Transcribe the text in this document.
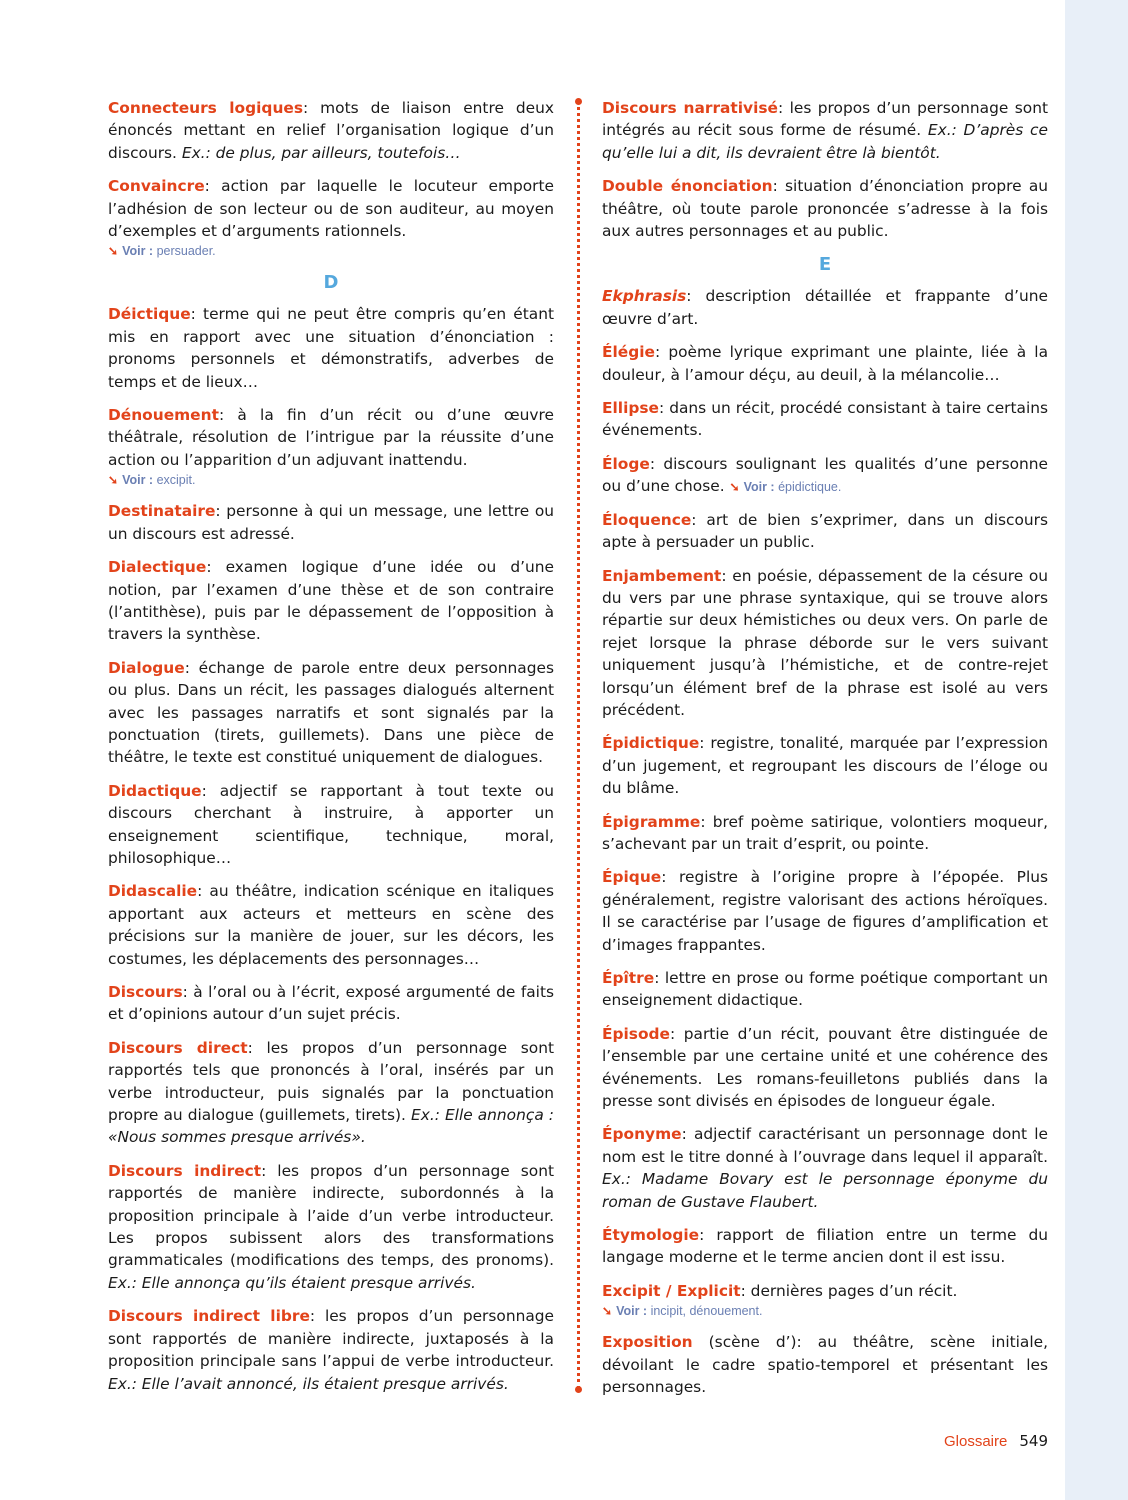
Connecteurs logiques: mots de liaison entre deux énoncés mettant en relief l’organisation logique d’un discours. Ex.: de plus, par ailleurs, toutefois…

Convaincre: action par laquelle le locuteur emporte l’adhésion de son lecteur ou de son auditeur, au moyen d’exemples et d’arguments rationnels.
➘ Voir : persuader.

D

Déictique: terme qui ne peut être compris qu’en étant mis en rapport avec une situation d’énonciation : pronoms personnels et démonstratifs, adverbes de temps et de lieux…

Dénouement: à la fin d’un récit ou d’une œuvre théâtrale, résolution de l’intrigue par la réussite d’une action ou l’apparition d’un adjuvant inattendu.
➘ Voir : excipit.

Destinataire: personne à qui un message, une lettre ou un discours est adressé.

Dialectique: examen logique d’une idée ou d’une notion, par l’examen d’une thèse et de son contraire (l’antithèse), puis par le dépassement de l’opposition à travers la synthèse.

Dialogue: échange de parole entre deux personnages ou plus. Dans un récit, les passages dialogués alternent avec les passages narratifs et sont signalés par la ponctuation (tirets, guillemets). Dans une pièce de théâtre, le texte est constitué uniquement de dialogues.

Didactique: adjectif se rapportant à tout texte ou discours cherchant à instruire, à apporter un enseignement scientifique, technique, moral, philosophique…

Didascalie: au théâtre, indication scénique en italiques apportant aux acteurs et metteurs en scène des précisions sur la manière de jouer, sur les décors, les costumes, les déplacements des personnages…

Discours: à l’oral ou à l’écrit, exposé argumenté de faits et d’opinions autour d’un sujet précis.

Discours direct: les propos d’un personnage sont rapportés tels que prononcés à l’oral, insérés par un verbe introducteur, puis signalés par la ponctuation propre au dialogue (guillemets, tirets). Ex.: Elle annonça : «Nous sommes presque arrivés».

Discours indirect: les propos d’un personnage sont rapportés de manière indirecte, subordonnés à la proposition principale à l’aide d’un verbe introducteur. Les propos subissent alors des transformations grammaticales (modifications des temps, des pronoms). Ex.: Elle annonça qu’ils étaient presque arrivés.

Discours indirect libre: les propos d’un personnage sont rapportés de manière indirecte, juxtaposés à la proposition principale sans l’appui de verbe introducteur. Ex.: Elle l’avait annoncé, ils étaient presque arrivés.

Discours narrativisé: les propos d’un personnage sont intégrés au récit sous forme de résumé. Ex.: D’après ce qu’elle lui a dit, ils devraient être là bientôt.

Double énonciation: situation d’énonciation propre au théâtre, où toute parole prononcée s’adresse à la fois aux autres personnages et au public.

E

Ekphrasis: description détaillée et frappante d’une œuvre d’art.

Élégie: poème lyrique exprimant une plainte, liée à la douleur, à l’amour déçu, au deuil, à la mélancolie…

Ellipse: dans un récit, procédé consistant à taire certains événements.

Éloge: discours soulignant les qualités d’une personne ou d’une chose. ➘ Voir : épidictique.

Éloquence: art de bien s’exprimer, dans un discours apte à persuader un public.

Enjambement: en poésie, dépassement de la césure ou du vers par une phrase syntaxique, qui se trouve alors répartie sur deux hémistiches ou deux vers. On parle de rejet lorsque la phrase déborde sur le vers suivant uniquement jusqu’à l’hémistiche, et de contre-rejet lorsqu’un élément bref de la phrase est isolé au vers précédent.

Épidictique: registre, tonalité, marquée par l’expression d’un jugement, et regroupant les discours de l’éloge ou du blâme.

Épigramme: bref poème satirique, volontiers moqueur, s’achevant par un trait d’esprit, ou pointe.

Épique: registre à l’origine propre à l’épopée. Plus généralement, registre valorisant des actions héroïques. Il se caractérise par l’usage de figures d’amplification et d’images frappantes.

Épître: lettre en prose ou forme poétique comportant un enseignement didactique.

Épisode: partie d’un récit, pouvant être distinguée de l’ensemble par une certaine unité et une cohérence des événements. Les romans-feuilletons publiés dans la presse sont divisés en épisodes de longueur égale.

Éponyme: adjectif caractérisant un personnage dont le nom est le titre donné à l’ouvrage dans lequel il apparaît. Ex.: Madame Bovary est le personnage éponyme du roman de Gustave Flaubert.

Étymologie: rapport de filiation entre un terme du langage moderne et le terme ancien dont il est issu.

Excipit / Explicit: dernières pages d’un récit.
➘ Voir : incipit, dénouement.

Exposition (scène d’): au théâtre, scène initiale, dévoilant le cadre spatio-temporel et présentant les personnages.

Glossaire 549
